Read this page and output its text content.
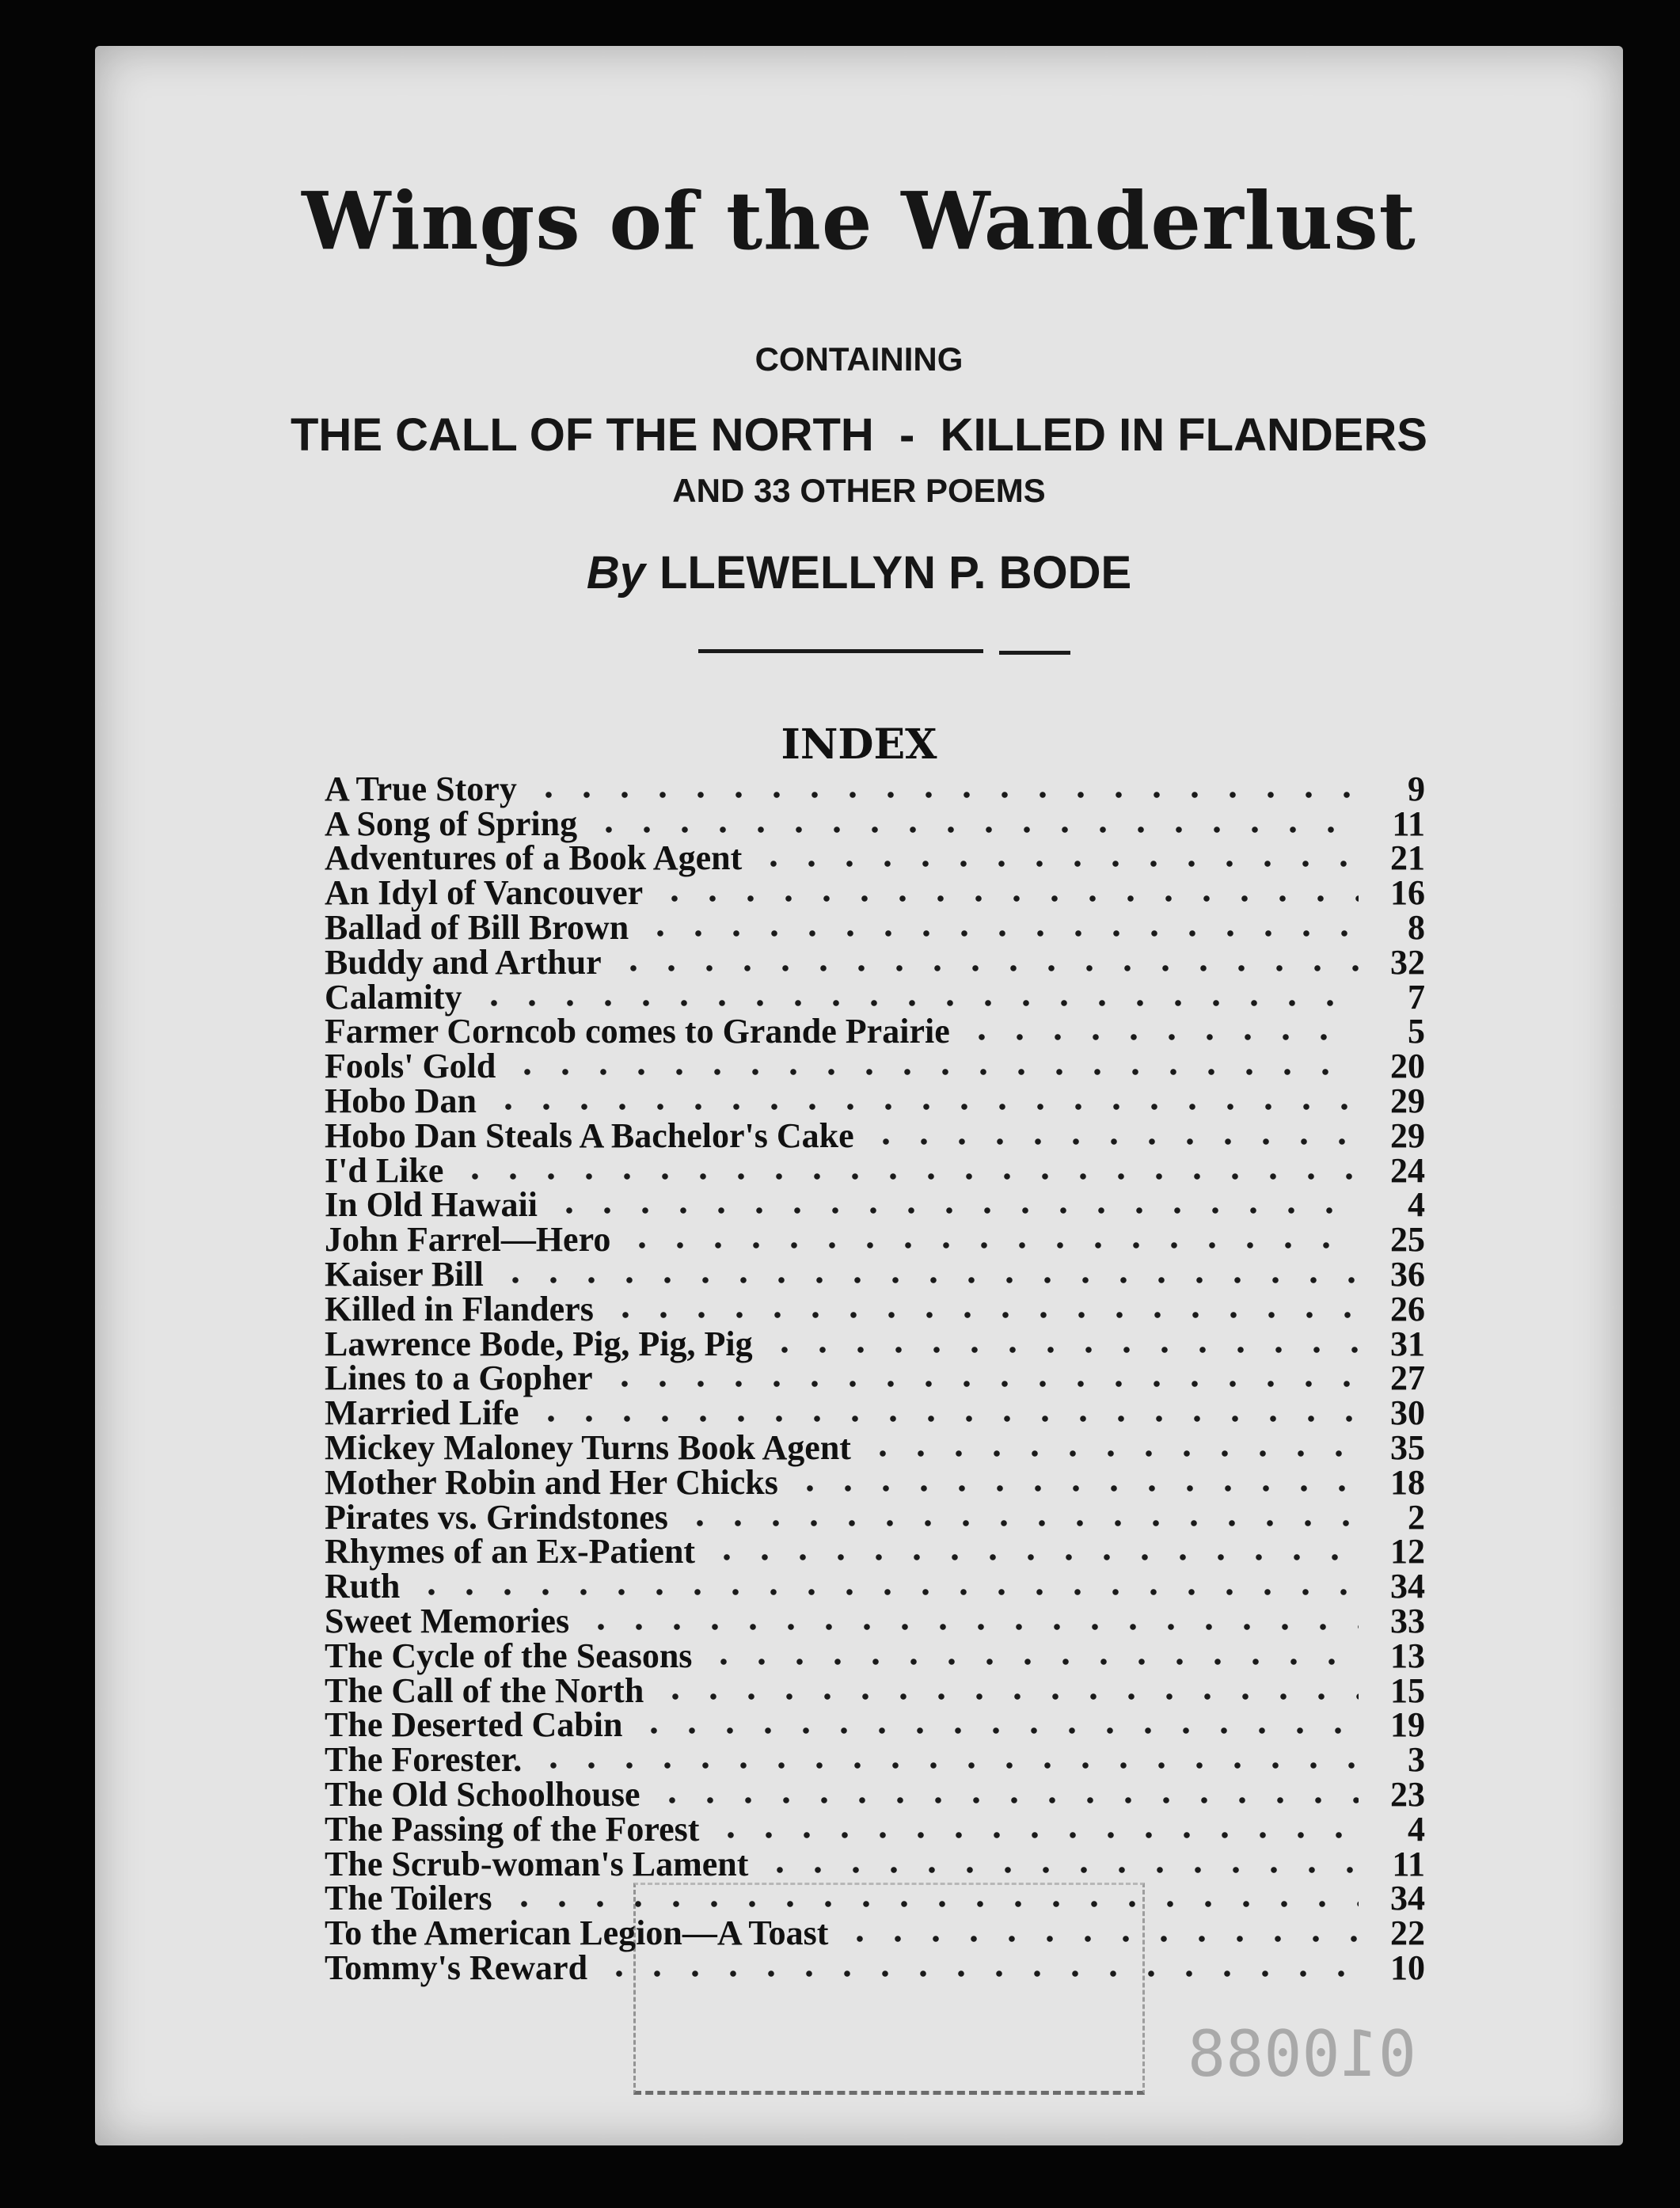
Wings of the Wanderlust
CONTAINING
THE CALL OF THE NORTH  -  KILLED IN FLANDERS
AND 33 OTHER POEMS
By LLEWELLYN P. BODE
INDEX
A True Story	9
A Song of Spring	11
Adventures of a Book Agent	21
An Idyl of Vancouver	16
Ballad of Bill Brown	8
Buddy and Arthur	32
Calamity	7
Farmer Corncob comes to Grande Prairie	5
Fools' Gold	20
Hobo Dan	29
Hobo Dan Steals A Bachelor's Cake	29
I'd Like	24
In Old Hawaii	4
John Farrel—Hero	25
Kaiser Bill	36
Killed in Flanders	26
Lawrence Bode, Pig, Pig, Pig	31
Lines to a Gopher	27
Married Life	30
Mickey Maloney Turns Book Agent	35
Mother Robin and Her Chicks	18
Pirates vs. Grindstones	2
Rhymes of an Ex-Patient	12
Ruth	34
Sweet Memories	33
The Cycle of the Seasons	13
The Call of the North	15
The Deserted Cabin	19
The Forester.	3
The Old Schoolhouse	23
The Passing of the Forest	4
The Scrub-woman's Lament	11
The Toilers	34
To the American Legion—A Toast	22
Tommy's Reward	10
010088
